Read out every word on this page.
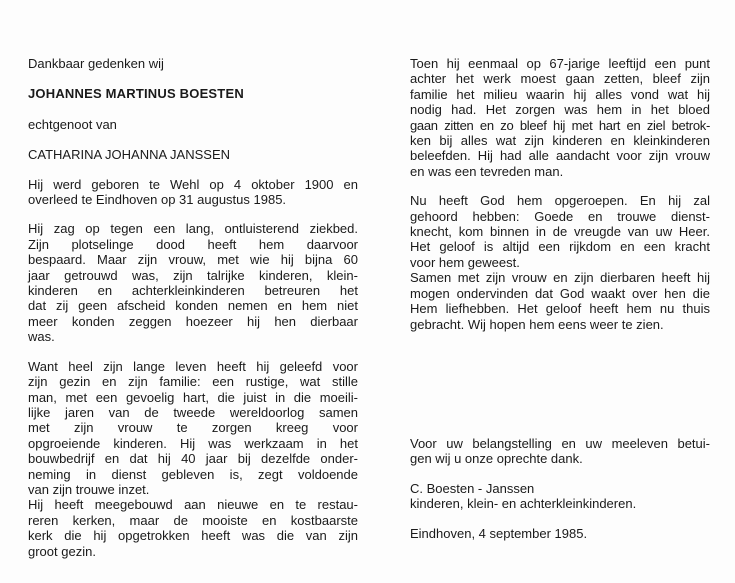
Dankbaar gedenken wij
JOHANNES MARTINUS BOESTEN
echtgenoot van
CATHARINA JOHANNA JANSSEN
Hij werd geboren te Wehl op 4 oktober 1900 en
overleed te Eindhoven op 31 augustus 1985.
Hij zag op tegen een lang, ontluisterend ziekbed.
Zijn plotselinge dood heeft hem daarvoor
bespaard. Maar zijn vrouw, met wie hij bijna 60
jaar getrouwd was, zijn talrijke kinderen, klein-
kinderen en achterkleinkinderen betreuren het
dat zij geen afscheid konden nemen en hem niet
meer konden zeggen hoezeer hij hen dierbaar
was.
Want heel zijn lange leven heeft hij geleefd voor
zijn gezin en zijn familie: een rustige, wat stille
man, met een gevoelig hart, die juist in die moeili-
lijke jaren van de tweede wereldoorlog samen
met zijn vrouw te zorgen kreeg voor
opgroeiende kinderen. Hij was werkzaam in het
bouwbedrijf en dat hij 40 jaar bij dezelfde onder-
neming in dienst gebleven is, zegt voldoende
van zijn trouwe inzet.
Hij heeft meegebouwd aan nieuwe en te restau-
reren kerken, maar de mooiste en kostbaarste
kerk die hij opgetrokken heeft was die van zijn
groot gezin.
Toen hij eenmaal op 67-jarige leeftijd een punt
achter het werk moest gaan zetten, bleef zijn
familie het milieu waarin hij alles vond wat hij
nodig had. Het zorgen was hem in het bloed
gaan zitten en zo bleef hij met hart en ziel betrok-
ken bij alles wat zijn kinderen en kleinkinderen
beleefden. Hij had alle aandacht voor zijn vrouw
en was een tevreden man.
Nu heeft God hem opgeroepen. En hij zal
gehoord hebben: Goede en trouwe dienst-
knecht, kom binnen in de vreugde van uw Heer.
Het geloof is altijd een rijkdom en een kracht
voor hem geweest.
Samen met zijn vrouw en zijn dierbaren heeft hij
mogen ondervinden dat God waakt over hen die
Hem liefhebben. Het geloof heeft hem nu thuis
gebracht. Wij hopen hem eens weer te zien.
Voor uw belangstelling en uw meeleven betui-
gen wij u onze oprechte dank.
C. Boesten - Janssen
kinderen, klein- en achterkleinkinderen.
Eindhoven, 4 september 1985.
